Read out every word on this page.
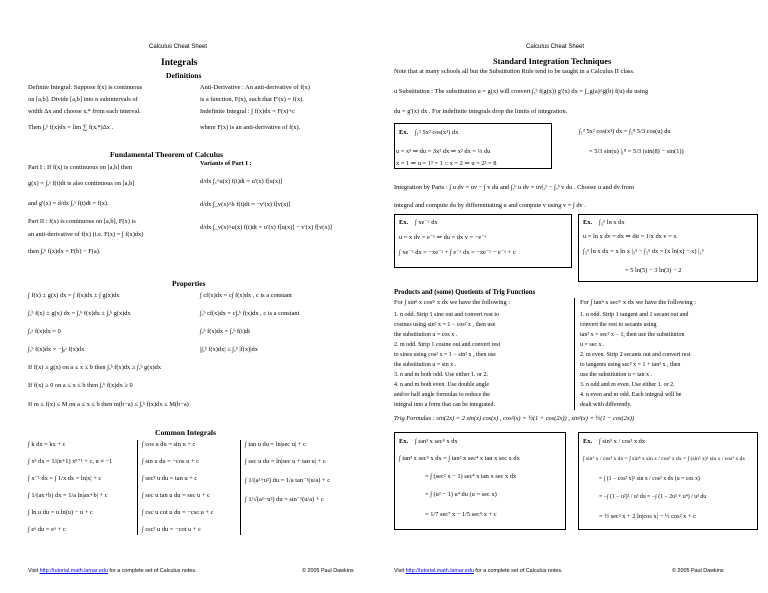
Calculus Cheat Sheet
Integrals
Definitions
Definite Integral: Suppose f(x) is continuous
on [a,b]. Divide [a,b] into n subintervals of
width Δx and choose xᵢ* from each interval.
Then ∫ₐᵇ f(x)dx = lim ∑ f(xᵢ*)Δx .
Anti-Derivative : An anti-derivative of f(x)
is a function, F(x), such that F′(x) = f(x).
Indefinite Integral : ∫ f(x)dx = F(x)+c
where F(x) is an anti-derivative of f(x).
Fundamental Theorem of Calculus
Part I : If f(x) is continuous on [a,b] then
g(x) = ∫ₐˣ f(t)dt is also continuous on [a,b]
and g′(x) = d/dx ∫ₐˣ f(t)dt = f(x).
Part II : f(x) is continuous on [a,b], F(x) is
an anti-derivative of f(x) (i.e. F(x) = ∫ f(x)dx)
then ∫ₐᵇ f(x)dx = F(b) − F(a).
Variants of Part I :
d/dx ∫ₐ^u(x) f(t)dt = u′(x) f[u(x)]
d/dx ∫_v(x)^b f(t)dt = −v′(x) f[v(x)]
d/dx ∫_v(x)^u(x) f(t)dt = u′(x) f[u(x)] − v′(x) f[v(x)]
Properties
∫ f(x) ± g(x) dx = ∫ f(x)dx ± ∫ g(x)dx
∫ₐᵇ f(x) ± g(x) dx = ∫ₐᵇ f(x)dx ± ∫ₐᵇ g(x)dx
∫ₐᵃ f(x)dx = 0
∫ₐᵇ f(x)dx = −∫ᵦᵃ f(x)dx
∫ cf(x)dx = c∫ f(x)dx , c is a constant
∫ₐᵇ cf(x)dx = c∫ₐᵇ f(x)dx , c is a constant
∫ₐᵇ f(x)dx = ∫ₐᵇ f(t)dt
|∫ₐᵇ f(x)dx| ≤ ∫ₐᵇ |f(x)|dx
If f(x) ≥ g(x) on a ≤ x ≤ b then ∫ₐᵇ f(x)dx ≥ ∫ₐᵇ g(x)dx
If f(x) ≥ 0 on a ≤ x ≤ b then ∫ₐᵇ f(x)dx ≥ 0
If m ≤ f(x) ≤ M on a ≤ x ≤ b then m(b−a) ≤ ∫ₐᵇ f(x)dx ≤ M(b−a)
Common Integrals
∫ k dx = kx + c
∫ xⁿ dx = 1/(n+1) xⁿ⁺¹ + c, n ≠ −1
∫ x⁻¹ dx = ∫ 1/x dx = ln|x| + c
∫ 1/(ax+b) dx = 1/a ln|ax+b| + c
∫ ln u du = u ln(u) − u + c
∫ eᵘ du = eᵘ + c
∫ cos u du = sin u + c
∫ sin u du = −cos u + c
∫ sec² u du = tan u + c
∫ sec u tan u du = sec u + c
∫ csc u cot u du = −csc u + c
∫ csc² u du = −cot u + c
∫ tan u du = ln|sec u| + c
∫ sec u du = ln|sec u + tan u| + c
∫ 1/(a²+u²) du = 1/a tan⁻¹(u/a) + c
∫ 1/√(a²−u²) du = sin⁻¹(u/a) + c
Visit http://tutorial.math.lamar.edu for a complete set of Calculus notes.	© 2005 Paul Dawkins
Calculus Cheat Sheet
Standard Integration Techniques
Note that at many schools all but the Substitution Rule tend to be taught in a Calculus II class.
u Substitution : The substitution u = g(x) will convert ∫ₐᵇ f(g(x)) g′(x) dx = ∫_g(a)^g(b) f(u) du using
du = g′(x) dx . For indefinite integrals drop the limits of integration.
Ex. ∫₁² 5x² cos(x³) dx
u = x³ ⇒ du = 3x² dx ⇒ x² dx = ⅓ du
x = 1 ⇒ u = 1³ = 1 :: x = 2 ⇒ u = 2³ = 8
∫₁² 5x² cos(x³) dx = ∫₁⁸ 5/3 cos(u) du
= 5/3 sin(u) |₁⁸ = 5/3 (sin(8) − sin(1))
Integration by Parts : ∫ u dv = uv − ∫ v du and ∫ₐᵇ u dv = uv|ₐᵇ − ∫ₐᵇ v du . Choose u and dv from
integral and compute du by differentiating u and compute v using v = ∫ dv .
Ex. ∫ xe⁻ˣ dx
u = x dv = e⁻ˣ ⇒ du = dx v = −e⁻ˣ
∫ xe⁻ˣ dx = −xe⁻ˣ + ∫ e⁻ˣ dx = −xe⁻ˣ − e⁻ˣ + c
Ex. ∫₃⁵ ln x dx
u = ln x dv = dx ⇒ du = 1/x dx v = x
∫₃⁵ ln x dx = x ln x |₃⁵ − ∫₃⁵ dx = (x ln(x) − x) |₃⁵
= 5 ln(5) − 3 ln(3) − 2
Products and (some) Quotients of Trig Functions
For ∫ sinⁿ x cosᵐ x dx we have the following :
1. n odd. Strip 1 sine out and convert rest to
cosines using sin² x = 1 − cos² x , then use
the substitution u = cos x .
2. m odd. Strip 1 cosine out and convert rest
to sines using cos² x = 1 − sin² x , then use
the substitution u = sin x .
3. n and m both odd. Use either 1. or 2.
4. n and m both even. Use double angle
and/or half angle formulas to reduce the
integral into a form that can be integrated.
For ∫ tanⁿ x secᵐ x dx we have the following :
1. n odd. Strip 1 tangent and 1 secant out and
convert the rest to secants using
tan² x = sec² x − 1, then use the substitution
u = sec x .
2. m even. Strip 2 secants out and convert rest
to tangents using sec² x = 1 + tan² x , then
use the substitution u = tan x .
3. n odd and m even. Use either 1. or 2.
4. n even and m odd. Each integral will be
dealt with differently.
Trig Formulas : sin(2x) = 2 sin(x) cos(x) , cos²(x) = ½(1 + cos(2x)) , sin²(x) = ½(1 − cos(2x))
Ex. ∫ tan³ x sec⁵ x dx
∫ tan³ x sec⁵ x dx = ∫ tan² x sec⁴ x tan x sec x dx
= ∫ (sec² x − 1) sec⁴ x tan x sec x dx
= ∫ (u² − 1) u⁴ du (u = sec x)
= 1/7 sec⁷ x − 1/5 sec⁵ x + c
Ex. ∫ sin⁵ x / cos³ x dx
∫ sin⁵ x / cos³ x dx = ∫ sin⁴ x sin x / cos³ x dx = ∫ (sin² x)² sin x / cos³ x dx
= ∫ (1 − cos² x)² sin x / cos³ x dx (u = cos x)
= −∫ (1 − u²)² / u³ du = −∫ (1 − 2u² + u⁴) / u³ du
= ½ sec² x + 2 ln|cos x| − ½ cos² x + c
Visit http://tutorial.math.lamar.edu for a complete set of Calculus notes.	© 2005 Paul Dawkins
